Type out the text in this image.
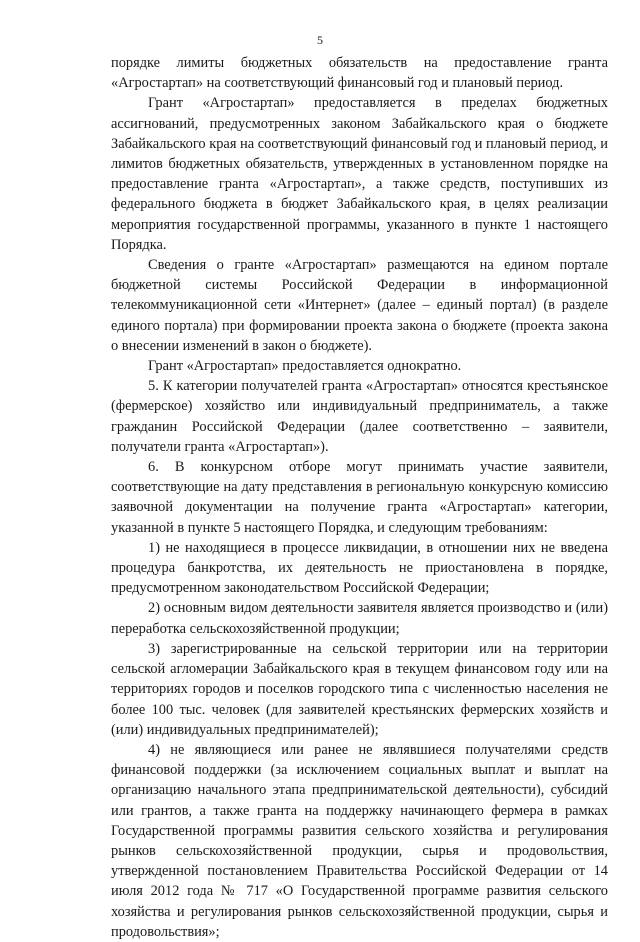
5

порядке лимиты бюджетных обязательств на предоставление гранта «Агростартап» на соответствующий финансовый год и плановый период.

Грант «Агростартап» предоставляется в пределах бюджетных ассигнований, предусмотренных законом Забайкальского края о бюджете Забайкальского края на соответствующий финансовый год и плановый период, и лимитов бюджетных обязательств, утвержденных в установленном порядке на предоставление гранта «Агростартап», а также средств, поступивших из федерального бюджета в бюджет Забайкальского края, в целях реализации мероприятия государственной программы, указанного в пункте 1 настоящего Порядка.

Сведения о гранте «Агростартап» размещаются на едином портале бюджетной системы Российской Федерации в информационной телекоммуникационной сети «Интернет» (далее – единый портал) (в разделе единого портала) при формировании проекта закона о бюджете (проекта закона о внесении изменений в закон о бюджете).

Грант «Агростартап» предоставляется однократно.

5. К категории получателей гранта «Агростартап» относятся крестьянское (фермерское) хозяйство или индивидуальный предприниматель, а также гражданин Российской Федерации (далее соответственно – заявители, получатели гранта «Агростартап»).

6. В конкурсном отборе могут принимать участие заявители, соответствующие на дату представления в региональную конкурсную комиссию заявочной документации на получение гранта «Агростартап» категории, указанной в пункте 5 настоящего Порядка, и следующим требованиям:

1) не находящиеся в процессе ликвидации, в отношении них не введена процедура банкротства, их деятельность не приостановлена в порядке, предусмотренном законодательством Российской Федерации;

2) основным видом деятельности заявителя является производство и (или) переработка сельскохозяйственной продукции;

3) зарегистрированные на сельской территории или на территории сельской агломерации Забайкальского края в текущем финансовом году или на территориях городов и поселков городского типа с численностью населения не более 100 тыс. человек (для заявителей крестьянских фермерских хозяйств и (или) индивидуальных предпринимателей);

4) не являющиеся или ранее не являвшиеся получателями средств финансовой поддержки (за исключением социальных выплат и выплат на организацию начального этапа предпринимательской деятельности), субсидий или грантов, а также гранта на поддержку начинающего фермера в рамках Государственной программы развития сельского хозяйства и регулирования рынков сельскохозяйственной продукции, сырья и продовольствия, утвержденной постановлением Правительства Российской Федерации от 14 июля 2012 года № 717 «О Государственной программе развития сельского хозяйства и регулирования рынков сельскохозяйственной продукции, сырья и продовольствия»;
